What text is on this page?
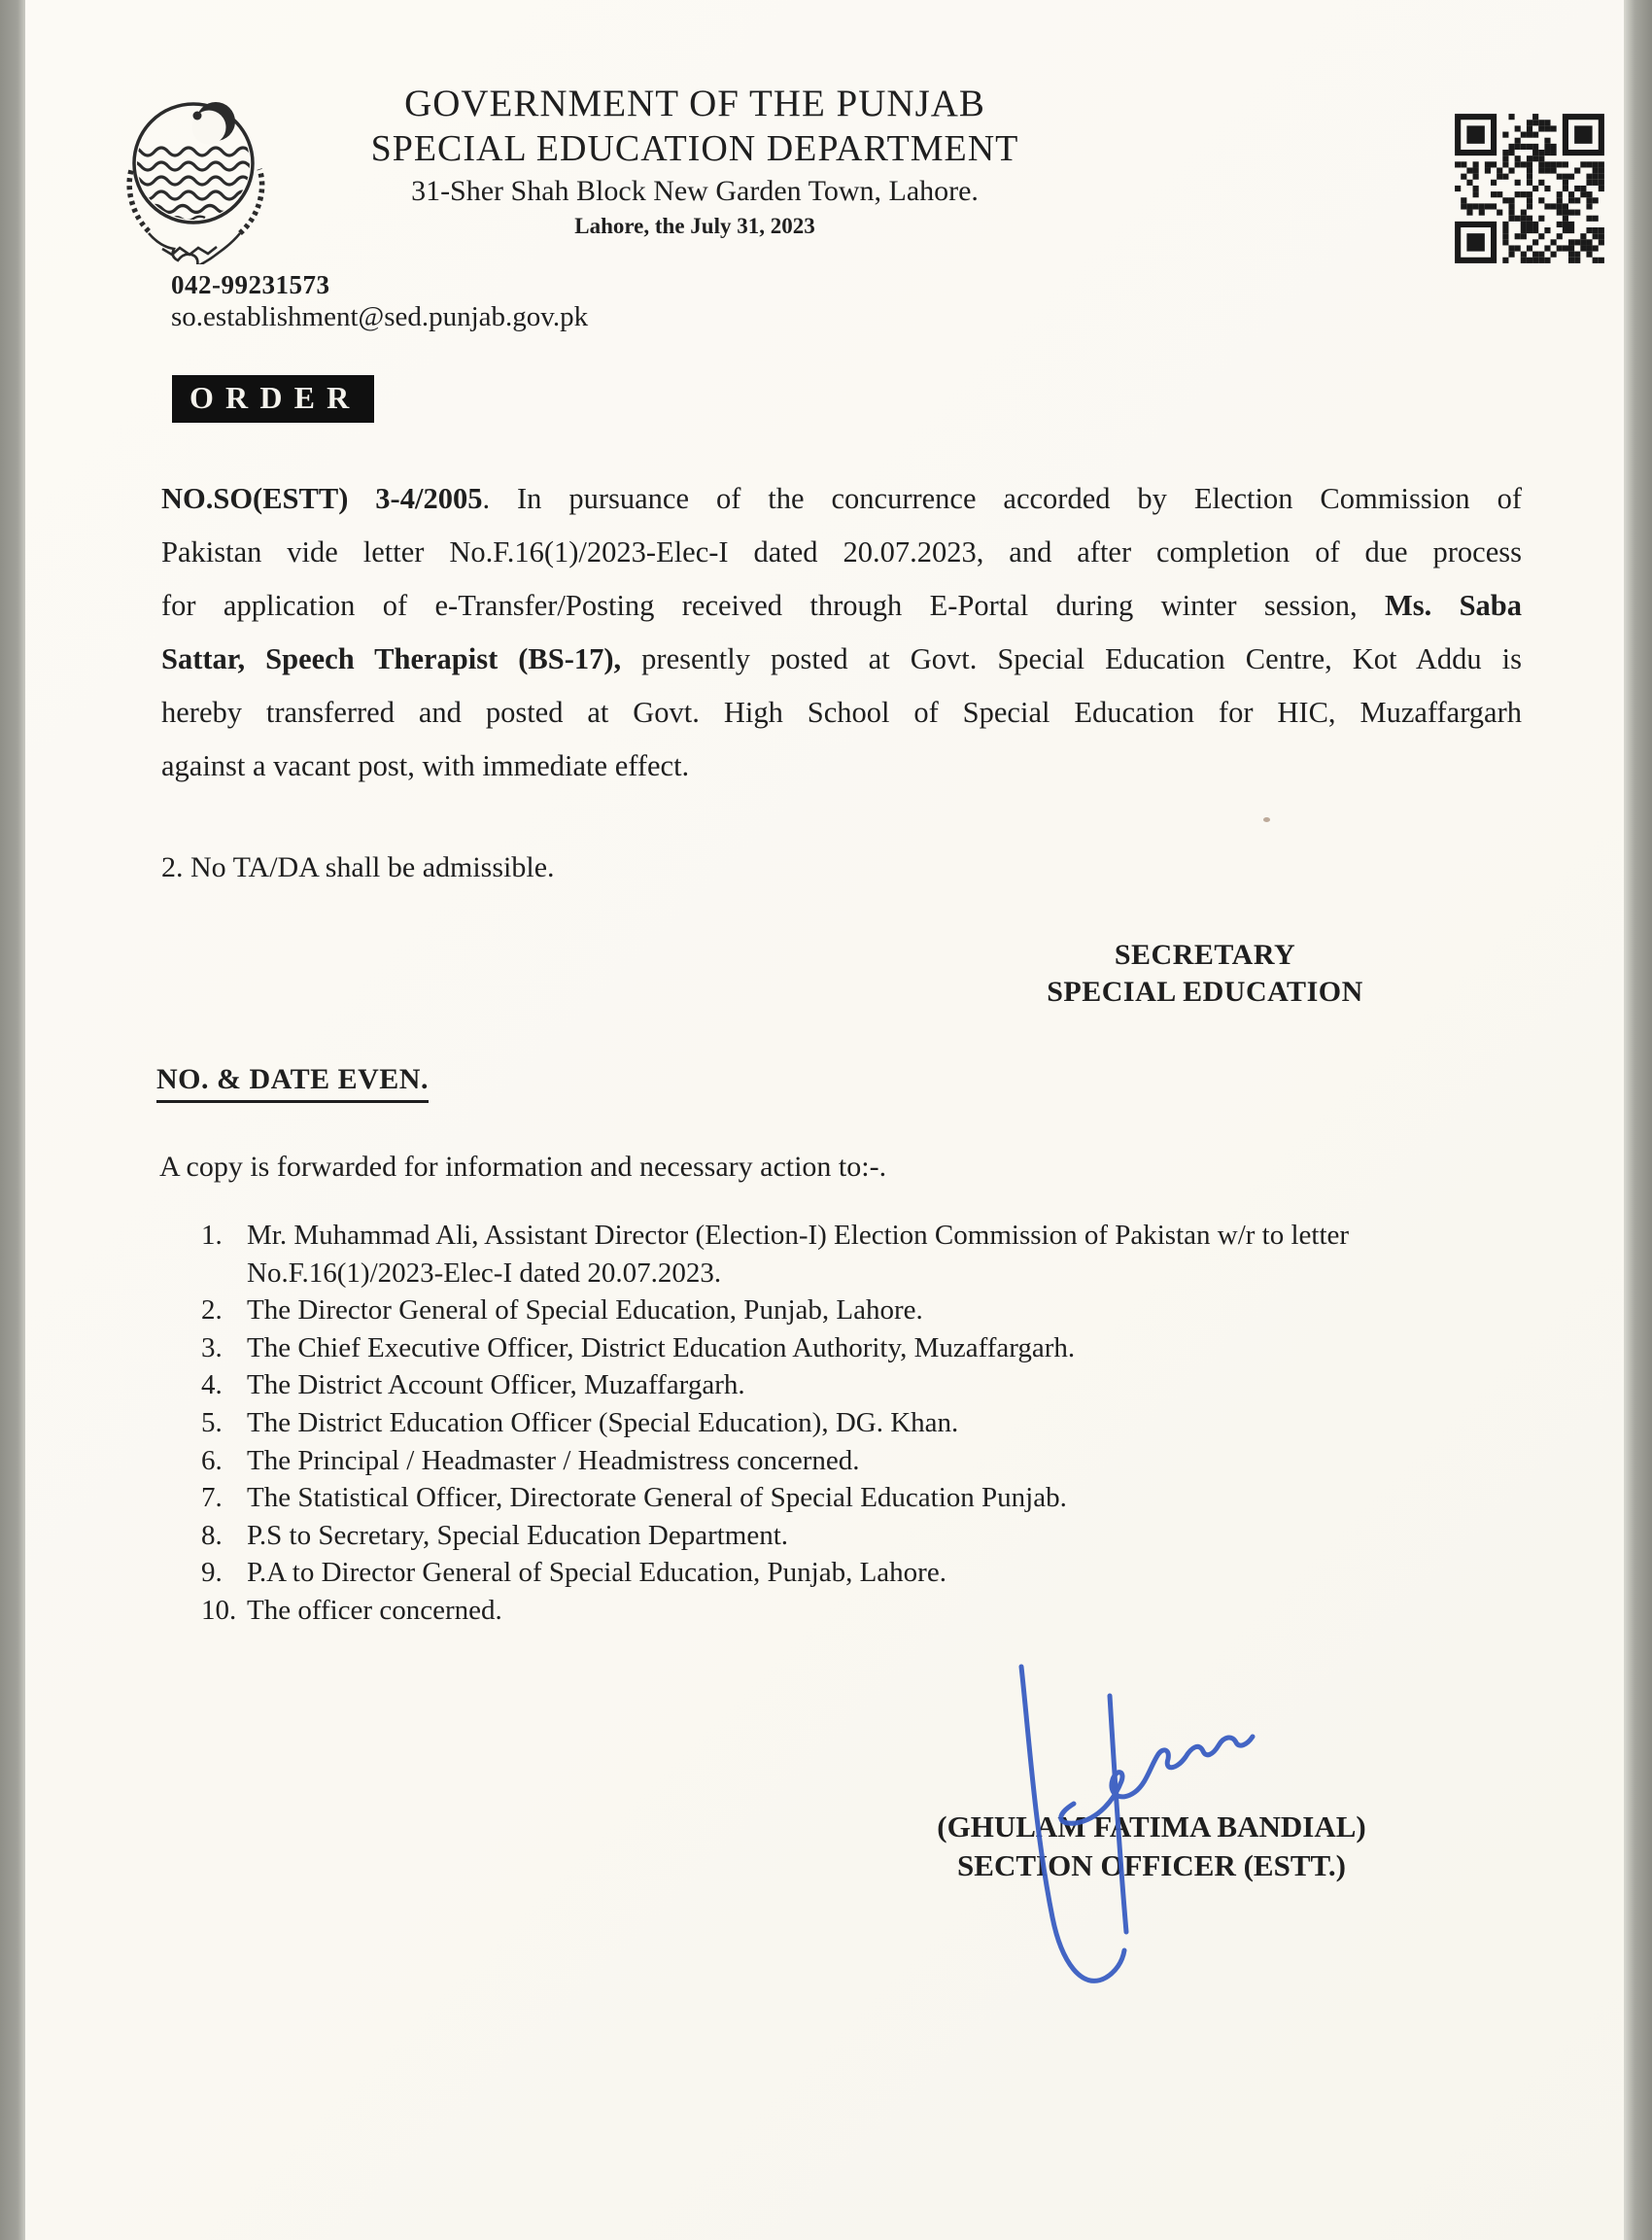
GOVERNMENT OF THE PUNJAB
SPECIAL EDUCATION DEPARTMENT
31-Sher Shah Block New Garden Town, Lahore.
Lahore, the July 31, 2023
042-99231573
so.establishment@sed.punjab.gov.pk
ORDER
NO.SO(ESTT) 3-4/2005. In pursuance of the concurrence accorded by Election Commission of
Pakistan vide letter No.F.16(1)/2023-Elec-I dated 20.07.2023, and after completion of due process
for application of e-Transfer/Posting received through E-Portal during winter session, Ms. Saba
Sattar, Speech Therapist (BS-17), presently posted at Govt. Special Education Centre, Kot Addu is
hereby transferred and posted at Govt. High School of Special Education for HIC, Muzaffargarh
against a vacant post, with immediate effect.
2. No TA/DA shall be admissible.
SECRETARY
SPECIAL EDUCATION
NO. & DATE EVEN.
A copy is forwarded for information and necessary action to:-.
1. Mr. Muhammad Ali, Assistant Director (Election-I) Election Commission of Pakistan w/r to letter No.F.16(1)/2023-Elec-I dated 20.07.2023.
2. The Director General of Special Education, Punjab, Lahore.
3. The Chief Executive Officer, District Education Authority, Muzaffargarh.
4. The District Account Officer, Muzaffargarh.
5. The District Education Officer (Special Education), DG. Khan.
6. The Principal / Headmaster / Headmistress concerned.
7. The Statistical Officer, Directorate General of Special Education Punjab.
8. P.S to Secretary, Special Education Department.
9. P.A to Director General of Special Education, Punjab, Lahore.
10. The officer concerned.
(GHULAM FATIMA BANDIAL)
SECTION OFFICER (ESTT.)
